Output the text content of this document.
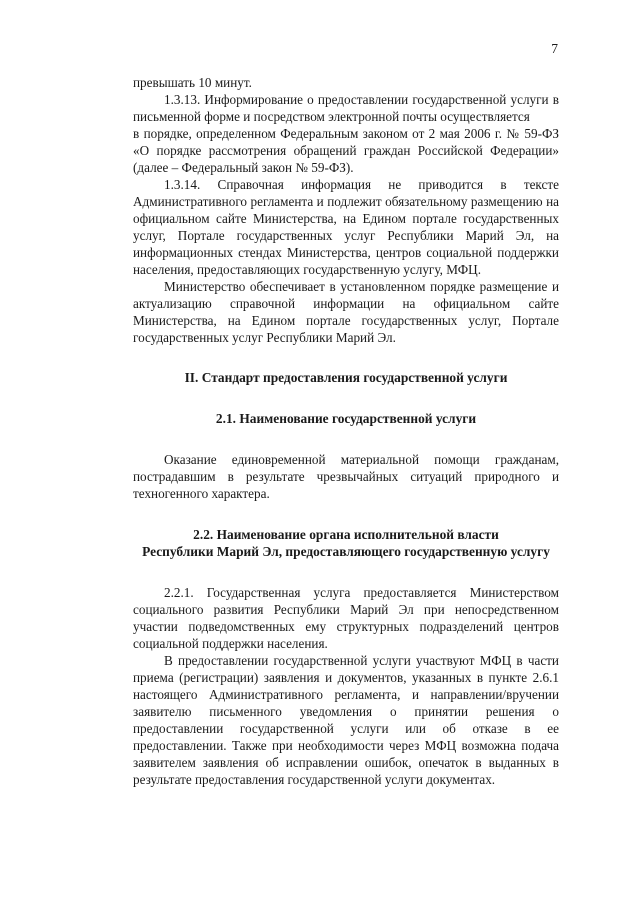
7

превышать 10 минут.

1.3.13. Информирование о предоставлении государственной услуги в письменной форме и посредством электронной почты осуществляется

в порядке, определенном Федеральным законом от 2 мая 2006 г. № 59-ФЗ «О порядке рассмотрения обращений граждан Российской Федерации» (далее – Федеральный закон № 59-ФЗ).

1.3.14. Справочная информация не приводится в тексте Административного регламента и подлежит обязательному размещению на официальном сайте Министерства, на Едином портале государственных услуг, Портале государственных услуг Республики Марий Эл, на информационных стендах Министерства, центров социальной поддержки населения, предоставляющих государственную услугу, МФЦ.

Министерство обеспечивает в установленном порядке размещение и актуализацию справочной информации на официальном сайте Министерства, на Едином портале государственных услуг, Портале государственных услуг Республики Марий Эл.

II. Стандарт предоставления государственной услуги
2.1. Наименование государственной услуги

Оказание единовременной материальной помощи гражданам, пострадавшим в результате чрезвычайных ситуаций природного и техногенного характера.

2.2. Наименование органа исполнительной власти
Республики Марий Эл, предоставляющего государственную услугу

2.2.1. Государственная услуга предоставляется Министерством социального развития Республики Марий Эл при непосредственном участии подведомственных ему структурных подразделений центров социальной поддержки населения.

В предоставлении государственной услуги участвуют МФЦ в части приема (регистрации) заявления и документов, указанных в пункте 2.6.1 настоящего Административного регламента, и направлении/вручении заявителю письменного уведомления о принятии решения о предоставлении государственной услуги или об отказе в ее предоставлении. Также при необходимости через МФЦ возможна подача заявителем заявления об исправлении ошибок, опечаток в выданных в результате предоставления государственной услуги документах.
